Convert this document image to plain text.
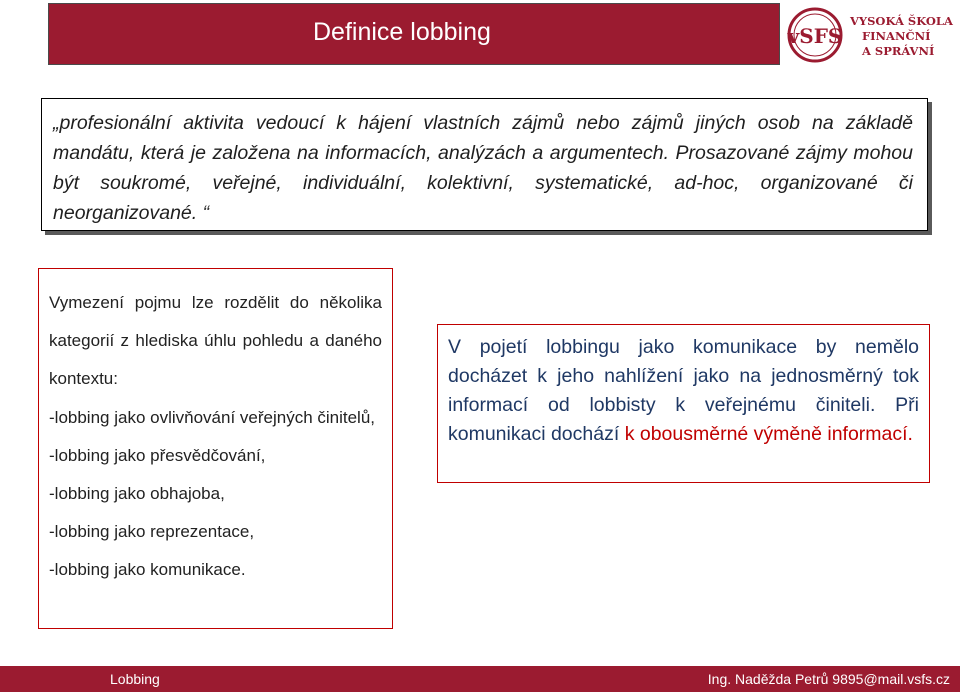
Definice lobbing	vSFS
VYSOKÁ ŠKOLA
FINANČNÍ
A SPRÁVNÍ

„profesionální aktivita vedoucí k hájení vlastních zájmů nebo zájmů jiných osob na základě mandátu, která je založena na informacích, analýzách a argumentech. Prosazované zájmy mohou být soukromé, veřejné, individuální, kolektivní, systematické, ad-hoc, organizované či neorganizované. “

Vymezení pojmu lze rozdělit do několika kategorií z hlediska úhlu pohledu a daného kontextu:

-lobbing jako ovlivňování veřejných činitelů,

-lobbing jako přesvědčování,

-lobbing jako obhajoba,

-lobbing jako reprezentace,

-lobbing jako komunikace.

V pojetí lobbingu jako komunikace by nemělo docházet k jeho nahlížení jako na jednosměrný tok informací od lobbisty k veřejnému činiteli. Při komunikaci dochází k obousměrné výměně informací.

Lobbing	Ing. Naděžda Petrů 9895@mail.vsfs.cz
